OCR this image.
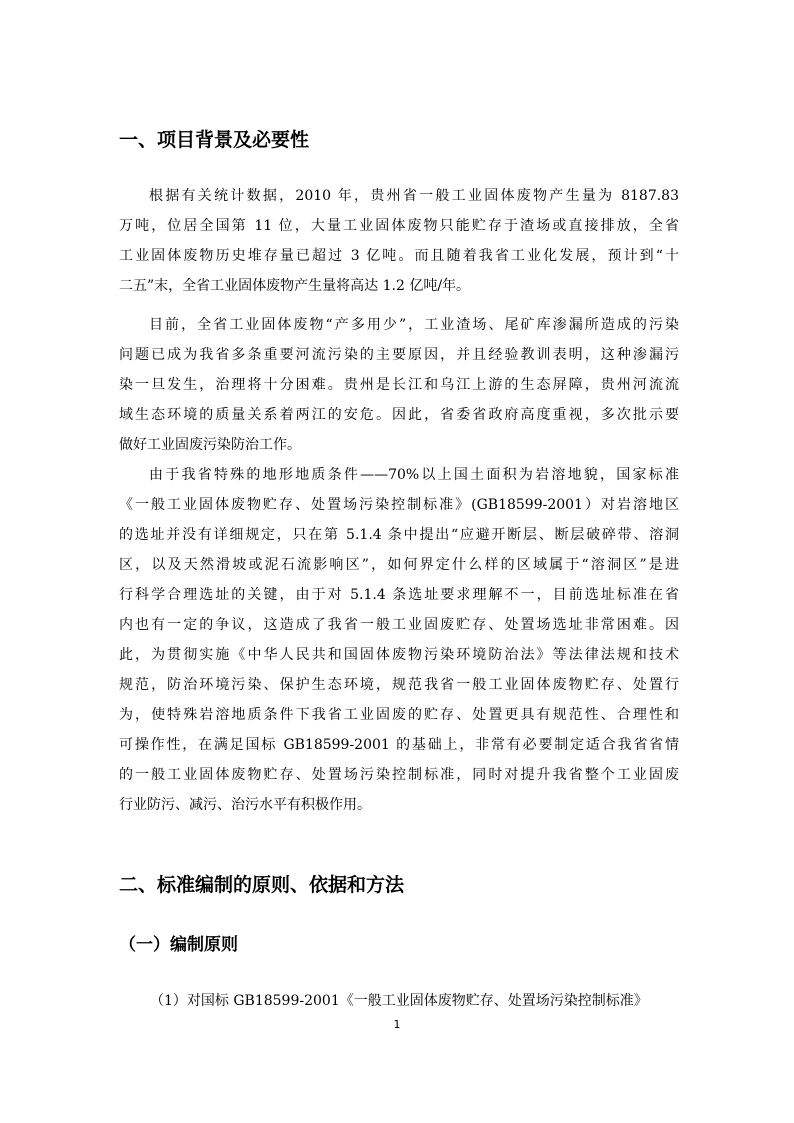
一、项目背景及必要性
根据有关统计数据，2010 年，贵州省一般工业固体废物产生量为 8187.83
万吨，位居全国第 11 位，大量工业固体废物只能贮存于渣场或直接排放，全省
工业固体废物历史堆存量已超过 3 亿吨。而且随着我省工业化发展，预计到“十
二五”末，全省工业固体废物产生量将高达 1.2 亿吨/年。
目前，全省工业固体废物“产多用少”，工业渣场、尾矿库渗漏所造成的污染
问题已成为我省多条重要河流污染的主要原因，并且经验教训表明，这种渗漏污
染一旦发生，治理将十分困难。贵州是长江和乌江上游的生态屏障，贵州河流流
域生态环境的质量关系着两江的安危。因此，省委省政府高度重视，多次批示要
做好工业固废污染防治工作。
由于我省特殊的地形地质条件——70%以上国土面积为岩溶地貌，国家标准
《一般工业固体废物贮存、处置场污染控制标准》(GB18599-2001）对岩溶地区
的选址并没有详细规定，只在第 5.1.4 条中提出“应避开断层、断层破碎带、溶洞
区，以及天然滑坡或泥石流影响区”，如何界定什么样的区域属于“溶洞区”是进
行科学合理选址的关键，由于对 5.1.4 条选址要求理解不一，目前选址标准在省
内也有一定的争议，这造成了我省一般工业固废贮存、处置场选址非常困难。因
此，为贯彻实施《中华人民共和国固体废物污染环境防治法》等法律法规和技术
规范，防治环境污染、保护生态环境，规范我省一般工业固体废物贮存、处置行
为，使特殊岩溶地质条件下我省工业固废的贮存、处置更具有规范性、合理性和
可操作性，在满足国标 GB18599-2001 的基础上，非常有必要制定适合我省省情
的一般工业固体废物贮存、处置场污染控制标准，同时对提升我省整个工业固废
行业防污、减污、治污水平有积极作用。
二、标准编制的原则、依据和方法
（一）编制原则

（1）对国标 GB18599-2001《一般工业固体废物贮存、处置场污染控制标准》

1
